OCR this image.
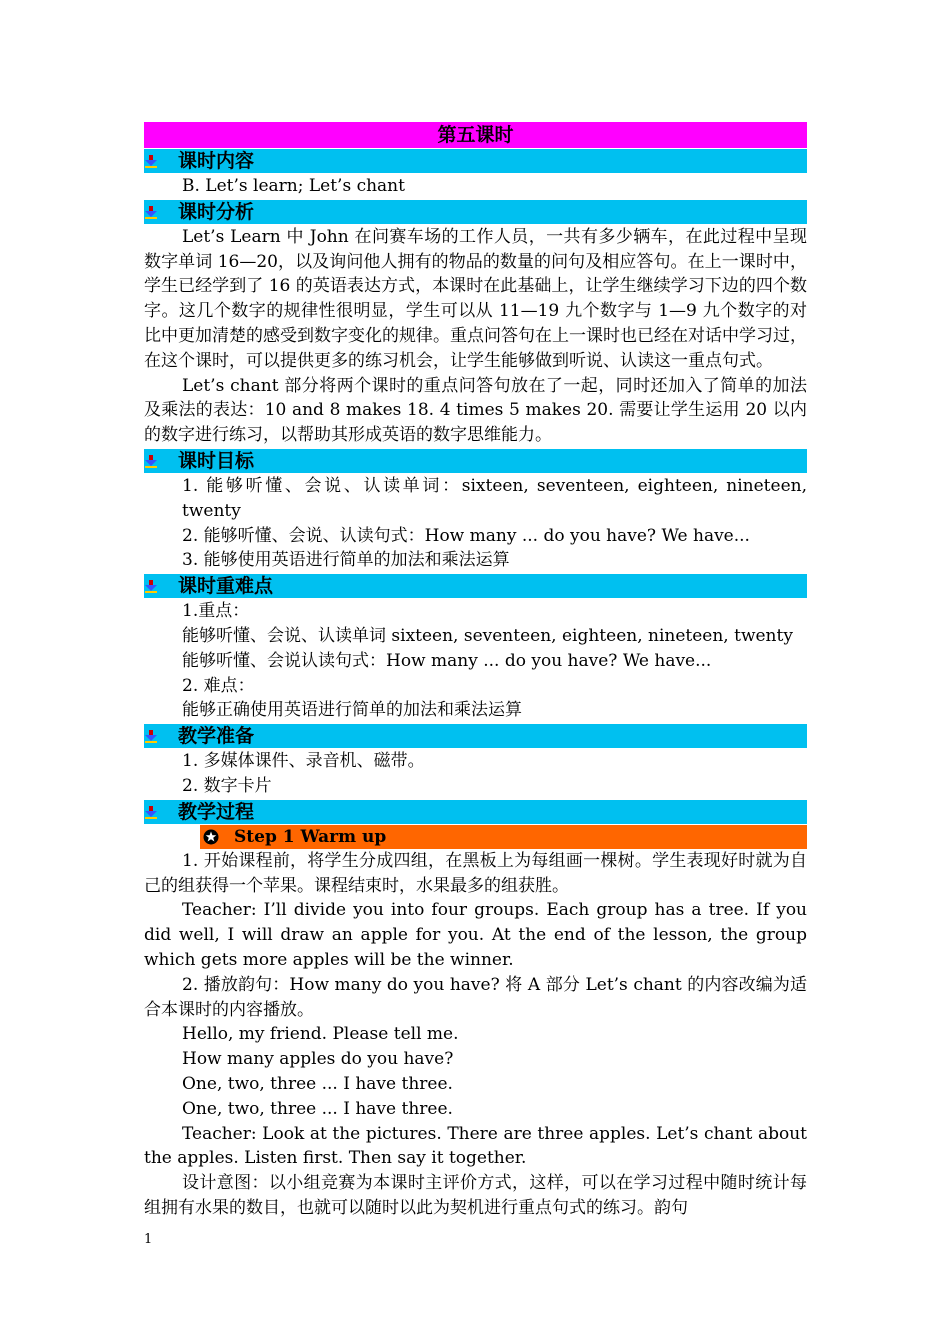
第五课时
课时内容

B. Let’s learn; Let’s chant

课时分析

Let’s Learn 中 John 在问赛车场的工作人员，一共有多少辆车，在此过程中呈现数字单词 16—20，以及询问他人拥有的物品的数量的问句及相应答句。在上一课时中，学生已经学到了 16 的英语表达方式，本课时在此基础上，让学生继续学习下边的四个数字。这几个数字的规律性很明显，学生可以从 11—19 九个数字与 1—9 九个数字的对比中更加清楚的感受到数字变化的规律。重点问答句在上一课时也已经在对话中学习过，在这个课时，可以提供更多的练习机会，让学生能够做到听说、认读这一重点句式。

Let’s chant 部分将两个课时的重点问答句放在了一起，同时还加入了简单的加法及乘法的表达：10 and 8 makes 18. 4 times 5 makes 20. 需要让学生运用 20 以内的数字进行练习，以帮助其形成英语的数字思维能力。

课时目标

1. 能够听懂、会说、认读单词：sixteen, seventeen, eighteen, nineteen, twenty

2. 能够听懂、会说、认读句式：How many ... do you have? We have...

3. 能够使用英语进行简单的加法和乘法运算

课时重难点

1.重点：

能够听懂、会说、认读单词 sixteen, seventeen, eighteen, nineteen, twenty

能够听懂、会说认读句式：How many ... do you have? We have...

2. 难点：

能够正确使用英语进行简单的加法和乘法运算

教学准备

1. 多媒体课件、录音机、磁带。

2. 数字卡片

教学过程
Step 1 Warm up

1. 开始课程前，将学生分成四组，在黑板上为每组画一棵树。学生表现好时就为自己的组获得一个苹果。课程结束时，水果最多的组获胜。

Teacher: I’ll divide you into four groups. Each group has a tree. If you did well, I will draw an apple for you. At the end of the lesson, the group which gets more apples will be the winner.

2. 播放韵句：How many do you have? 将 A 部分 Let’s chant 的内容改编为适合本课时的内容播放。

Hello, my friend. Please tell me.

How many apples do you have?

One, two, three ... I have three.

One, two, three ... I have three.

Teacher: Look at the pictures. There are three apples. Let’s chant about the apples. Listen first. Then say it together.

设计意图：以小组竞赛为本课时主评价方式，这样，可以在学习过程中随时统计每组拥有水果的数目，也就可以随时以此为契机进行重点句式的练习。韵句

1
